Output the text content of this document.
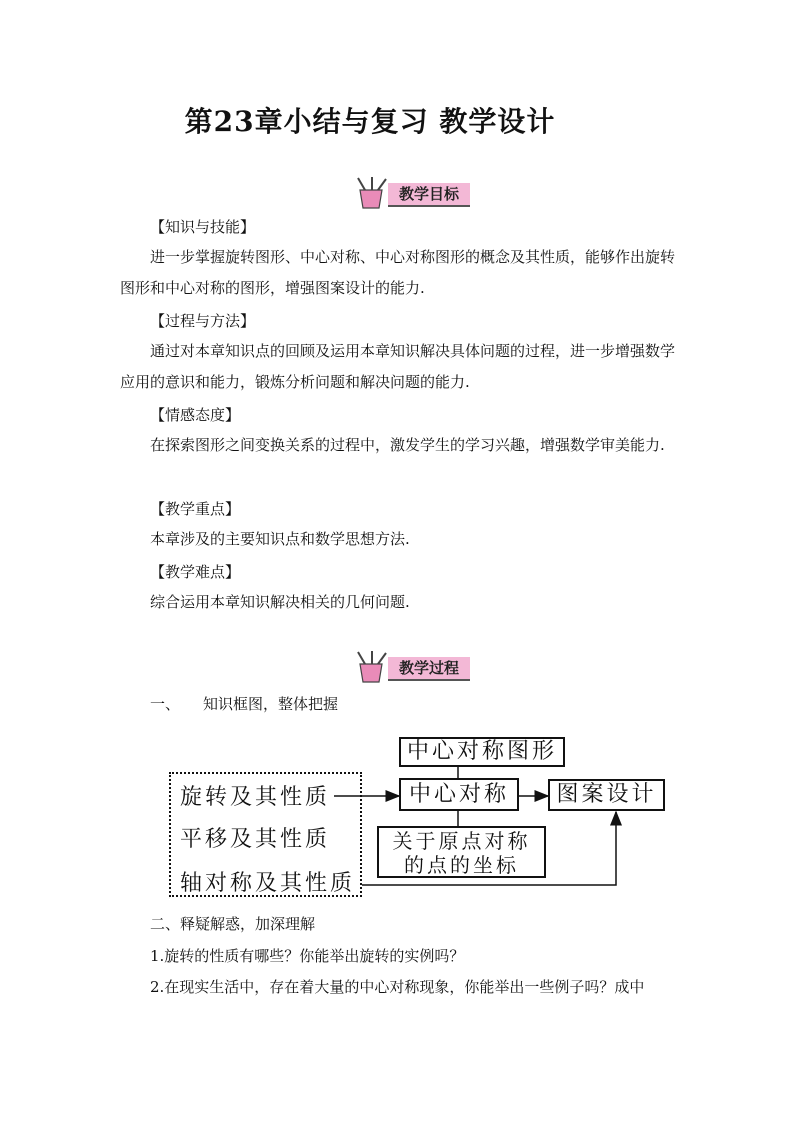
第23章小结与复习 教学设计
教学目标
【知识与技能】
进一步掌握旋转图形、中心对称、中心对称图形的概念及其性质，能够作出旋转图形和中心对称的图形，增强图案设计的能力.
【过程与方法】
通过对本章知识点的回顾及运用本章知识解决具体问题的过程，进一步增强数学应用的意识和能力，锻炼分析问题和解决问题的能力.
【情感态度】
在探索图形之间变换关系的过程中，激发学生的学习兴趣，增强数学审美能力.
【教学重点】
本章涉及的主要知识点和数学思想方法.
【教学难点】
综合运用本章知识解决相关的几何问题.
教学过程
一、 知识框图，整体把握
旋转及其性质
平移及其性质
轴对称及其性质
中心对称图形
中心对称	图案设计
关于原点对称
的点的坐标
二、释疑解惑，加深理解
1.旋转的性质有哪些？你能举出旋转的实例吗？
2.在现实生活中，存在着大量的中心对称现象，你能举出一些例子吗？成中
